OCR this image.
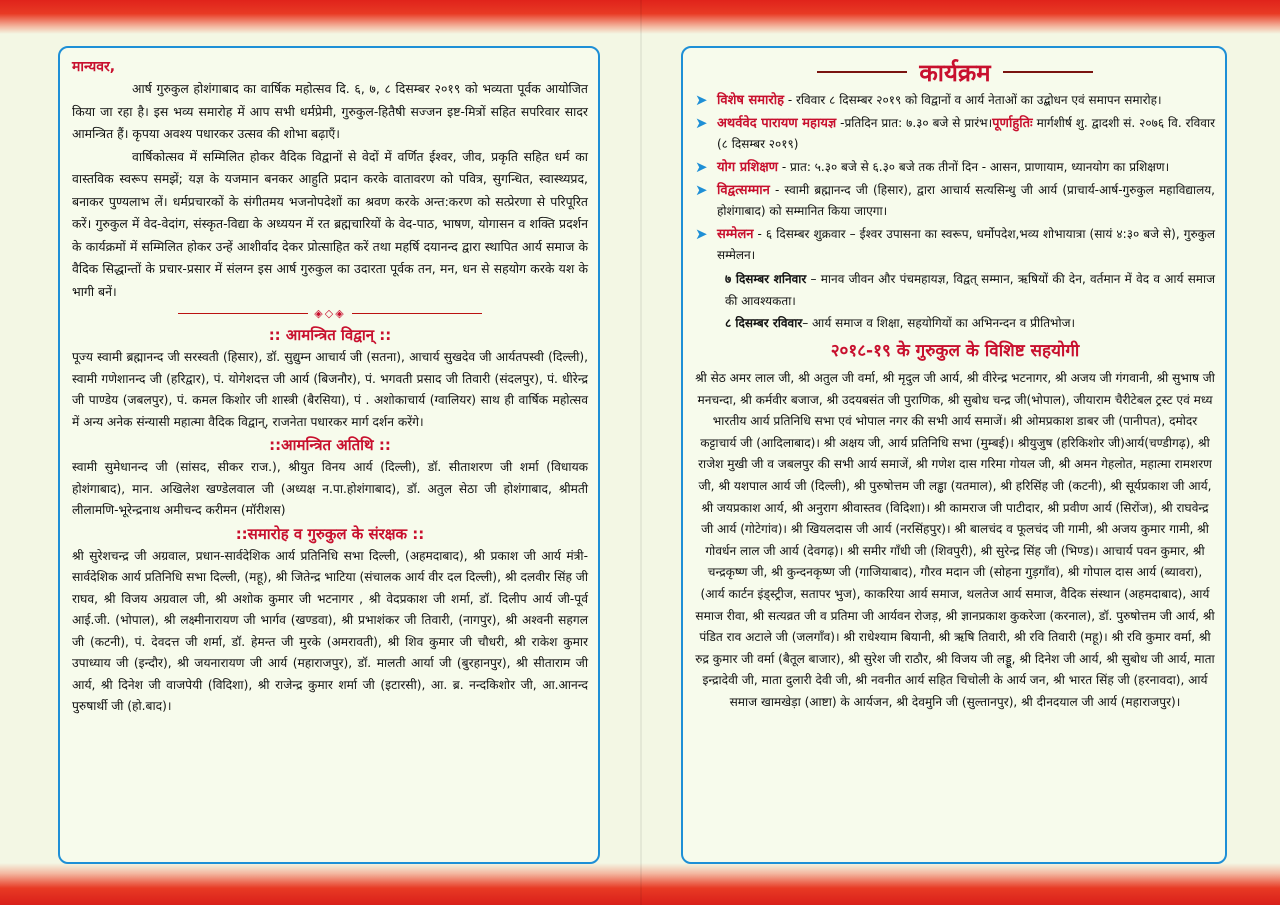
मान्यवर,

आर्ष गुरुकुल होशंगाबाद का वार्षिक महोत्सव दि. ६, ७, ८ दिसम्बर २०१९ को भव्यता पूर्वक आयोजित किया जा रहा है। इस भव्य समारोह में आप सभी धर्मप्रेमी, गुरुकुल-हितैषी सज्जन इष्ट-मित्रों सहित सपरिवार सादर आमन्त्रित हैं। कृपया अवश्य पधारकर उत्सव की शोभा बढ़ाएँ।

वार्षिकोत्सव में सम्मिलित होकर वैदिक विद्वानों से वेदों में वर्णित ईश्वर, जीव, प्रकृति सहित धर्म का वास्तविक स्वरूप समझें; यज्ञ के यजमान बनकर आहुति प्रदान करके वातावरण को पवित्र, सुगन्धित, स्वास्थ्यप्रद, बनाकर पुण्यलाभ लें। धर्मप्रचारकों के संगीतमय भजनोपदेशों का श्रवण करके अन्त:करण को सत्प्रेरणा से परिपूरित करें। गुरुकुल में वेद-वेदांग, संस्कृत-विद्या के अध्ययन में रत ब्रह्मचारियों के वेद-पाठ, भाषण, योगासन व शक्ति प्रदर्शन के कार्यक्रमों में सम्मिलित होकर उन्हें आशीर्वाद देकर प्रोत्साहित करें तथा महर्षि दयानन्द द्वारा स्थापित आर्य समाज के वैदिक सिद्धान्तों के प्रचार-प्रसार में संलग्न इस आर्ष गुरुकुल का उदारता पूर्वक तन, मन, धन से सहयोग करके यश के भागी बनें।

◈◇◈

:: आमन्त्रित विद्वान् ::

पूज्य स्वामी ब्रह्मानन्द जी सरस्वती (हिसार), डॉ. सुद्युम्न आचार्य जी (सतना), आचार्य सुखदेव जी आर्यतपस्वी (दिल्ली), स्वामी गणेशानन्द जी (हरिद्वार), पं. योगेशदत्त जी आर्य (बिजनौर), पं. भगवती प्रसाद जी तिवारी (संदलपुर), पं. धीरेन्द्र जी पाण्डेय (जबलपुर), पं. कमल किशोर जी शास्त्री (बैरसिया), पं . अशोकाचार्य (ग्वालियर) साथ ही वार्षिक महोत्सव में अन्य अनेक संन्यासी महात्मा वैदिक विद्वान्, राजनेता पधारकर मार्ग दर्शन करेंगे।

::आमन्त्रित अतिथि ::

स्वामी सुमेधानन्द जी (सांसद, सीकर राज.), श्रीयुत विनय आर्य (दिल्ली), डॉ. सीताशरण जी शर्मा (विधायक होशंगाबाद), मान. अखिलेश खण्डेलवाल जी (अध्यक्ष न.पा.होशंगाबाद), डॉ. अतुल सेठा जी होशंगाबाद, श्रीमती लीलामणि-भूरेन्द्रनाथ अमीचन्द करीमन (मॉरीशस)

::समारोह व गुरुकुल के संरक्षक ::

श्री सुरेशचन्द्र जी अग्रवाल, प्रधान-सार्वदेशिक आर्य प्रतिनिधि सभा दिल्ली, (अहमदाबाद), श्री प्रकाश जी आर्य मंत्री-सार्वदेशिक आर्य प्रतिनिधि सभा दिल्ली, (महू), श्री जितेन्द्र भाटिया (संचालक आर्य वीर दल दिल्ली), श्री दलवीर सिंह जी राघव, श्री विजय अग्रवाल जी, श्री अशोक कुमार जी भटनागर , श्री वेदप्रकाश जी शर्मा, डॉ. दिलीप आर्य जी-पूर्व आई.जी. (भोपाल), श्री लक्ष्मीनारायण जी भार्गव (खण्डवा), श्री प्रभाशंकर जी तिवारी, (नागपुर), श्री अश्वनी सहगल जी (कटनी), पं. देवदत्त जी शर्मा, डॉ. हेमन्त जी मुरके (अमरावती), श्री शिव कुमार जी चौधरी, श्री राकेश कुमार उपाध्याय जी (इन्दौर), श्री जयनारायण जी आर्य (महाराजपुर), डॉ. मालती आर्या जी (बुरहानपुर), श्री सीताराम जी आर्य, श्री दिनेश जी वाजपेयी (विदिशा), श्री राजेन्द्र कुमार शर्मा जी (इटारसी), आ. ब्र. नन्दकिशोर जी, आ.आनन्द पुरुषार्थी जी (हो.बाद)।

कार्यक्रम
➤ विशेष समारोह - रविवार ८ दिसम्बर २०१९ को विद्वानों व आर्य नेताओं का उद्बोधन एवं समापन समारोह।
➤ अथर्ववेद पारायण महायज्ञ -प्रतिदिन प्रात: ७.३० बजे से प्रारंभ।पूर्णाहुतिः मार्गशीर्ष शु. द्वादशी सं. २०७६ वि. रविवार (८ दिसम्बर २०१९)
➤ योग प्रशिक्षण - प्रात: ५.३० बजे से ६.३० बजे तक तीनों दिन - आसन, प्राणायाम, ध्यानयोग का प्रशिक्षण।
➤ विद्वत्सम्मान - स्वामी ब्रह्मानन्द जी (हिसार), द्वारा आचार्य सत्यसिन्धु जी आर्य (प्राचार्य-आर्ष-गुरुकुल महाविद्यालय, होशंगाबाद) को सम्मानित किया जाएगा।
➤ सम्मेलन - ६ दिसम्बर शुक्रवार – ईश्वर उपासना का स्वरूप, धर्मोपदेश,भव्य शोभायात्रा (सायं ४:३० बजे से), गुरुकुल सम्मेलन।

७ दिसम्बर शनिवार – मानव जीवन और पंचमहायज्ञ, विद्वत् सम्मान, ऋषियों की देन, वर्तमान में वेद व आर्य समाज की आवश्यकता।

८ दिसम्बर रविवार– आर्य समाज व शिक्षा, सहयोगियों का अभिनन्दन व प्रीतिभोज।

२०१८-१९ के गुरुकुल के विशिष्ट सहयोगी

श्री सेठ अमर लाल जी, श्री अतुल जी वर्मा, श्री मृदुल जी आर्य, श्री वीरेन्द्र भटनागर, श्री अजय जी गंगवानी, श्री सुभाष जी मनचन्दा, श्री कर्मवीर बजाज, श्री उदयबसंत जी पुराणिक, श्री सुबोध चन्द्र जी(भोपाल), जीयाराम चैरीटेबल ट्रस्ट एवं मध्य भारतीय आर्य प्रतिनिधि सभा एवं भोपाल नगर की सभी आर्य समाजें। श्री ओमप्रकाश डाबर जी (पानीपत), दमोदर कट्टाचार्य जी (आदिलाबाद)। श्री अक्षय जी, आर्य प्रतिनिधि सभा (मुम्बई)। श्रीयुजुष (हरिकिशोर जी)आर्य(चण्डीगढ़), श्री राजेश मुखी जी व जबलपुर की सभी आर्य समाजें, श्री गणेश दास गरिमा गोयल जी, श्री अमन गेहलोत, महात्मा रामशरण जी, श्री यशपाल आर्य जी (दिल्ली), श्री पुरुषोत्तम जी लड्ढा (यतमाल), श्री हरिसिंह जी (कटनी), श्री सूर्यप्रकाश जी आर्य, श्री जयप्रकाश आर्य, श्री अनुराग श्रीवास्तव (विदिशा)। श्री कामराज जी पाटीदार, श्री प्रवीण आर्य (सिरोंज), श्री राघवेन्द्र जी आर्य (गोटेगांव)। श्री खियलदास जी आर्य (नरसिंहपुर)। श्री बालचंद व फूलचंद जी गामी, श्री अजय कुमार गामी, श्री गोवर्धन लाल जी आर्य (देवगढ़)। श्री समीर गाँधी जी (शिवपुरी), श्री सुरेन्द्र सिंह जी (भिण्ड)। आचार्य पवन कुमार, श्री चन्द्रकृष्ण जी, श्री कुन्दनकृष्ण जी (गाजियाबाद), गौरव मदान जी (सोहना गुड़गाँव), श्री गोपाल दास आर्य (ब्यावरा), (आर्य कार्टन इंड्स्ट्रीज, सतापर भुज), काकरिया आर्य समाज, थलतेज आर्य समाज, वैदिक संस्थान (अहमदाबाद), आर्य समाज रीवा, श्री सत्यव्रत जी व प्रतिमा जी आर्यवन रोजड़, श्री ज्ञानप्रकाश कुकरेजा (करनाल), डॉ. पुरुषोत्तम जी आर्य, श्री पंडित राव अटाले जी (जलगाँव)। श्री राधेश्याम बियानी, श्री ऋषि तिवारी, श्री रवि तिवारी (महू)। श्री रवि कुमार वर्मा, श्री रुद्र कुमार जी वर्मा (बैतूल बाजार), श्री सुरेश जी राठौर, श्री विजय जी लड्डू, श्री दिनेश जी आर्य, श्री सुबोध जी आर्य, माता इन्द्रादेवी जी, माता दुलारी देवी जी, श्री नवनीत आर्य सहित चिचोली के आर्य जन, श्री भारत सिंह जी (हरनावदा), आर्य समाज खामखेड़ा (आष्टा) के आर्यजन, श्री देवमुनि जी (सुल्तानपुर), श्री दीनदयाल जी आर्य (महाराजपुर)।
